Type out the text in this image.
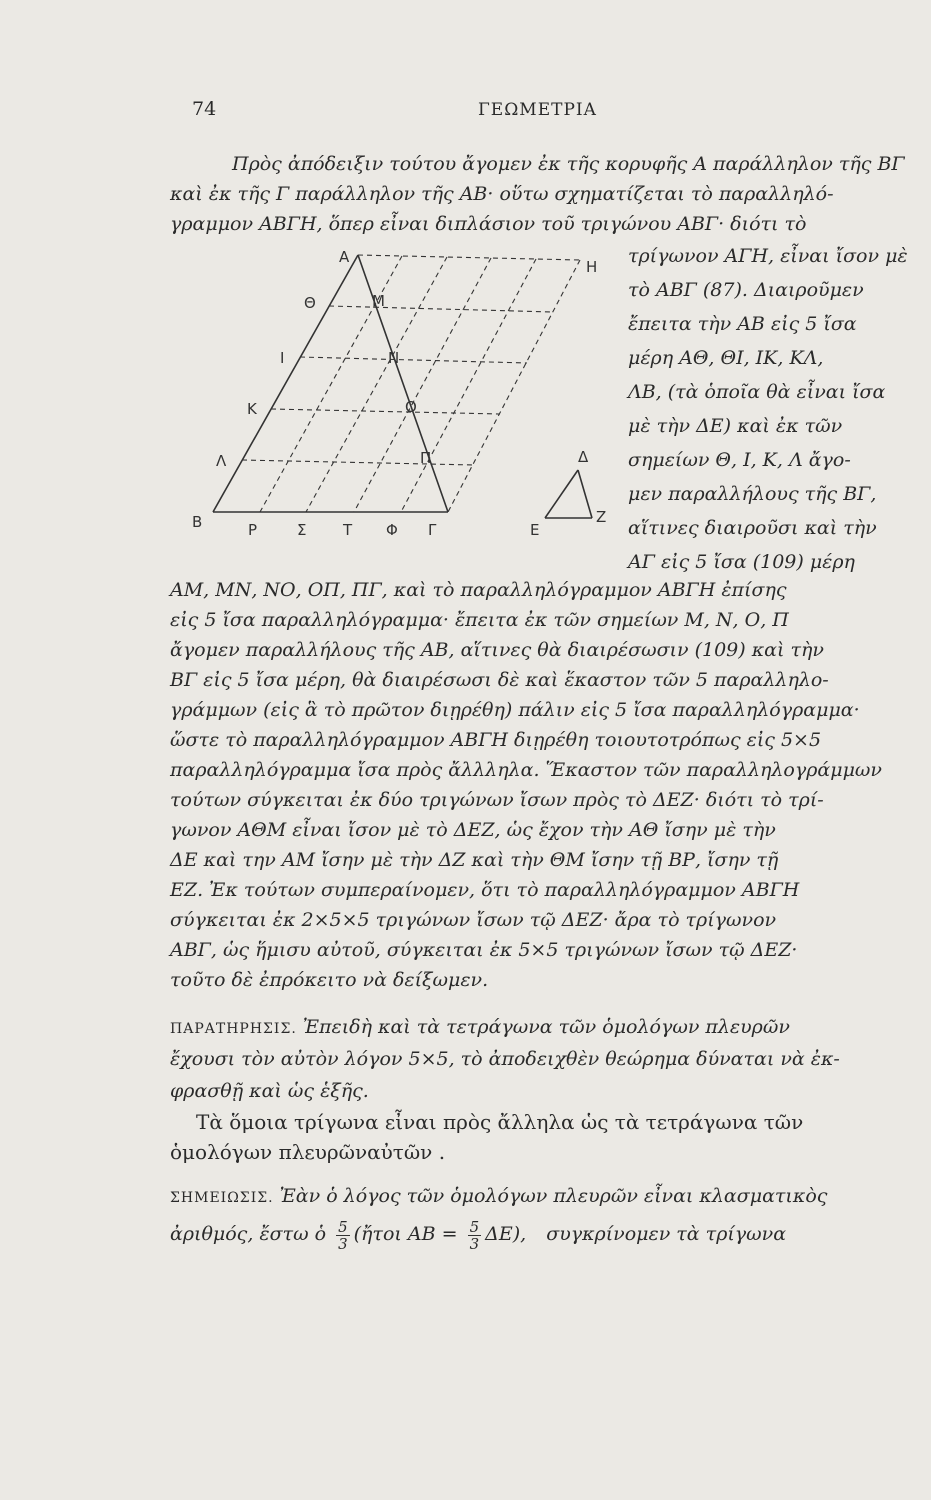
74	ΓΕΩΜΕΤΡΙΑ
Πρὸς ἀπόδειξιν τούτου ἄγομεν ἐκ τῆς κορυφῆς Α παράλληλον τῆς ΒΓ
καὶ ἐκ τῆς Γ παράλληλον τῆς ΑΒ· οὕτω σχηματίζεται τὸ παραλληλό-
γραμμον ΑΒΓΗ, ὅπερ εἶναι διπλάσιον τοῦ τριγώνου ΑΒΓ· διότι τὸ
τρίγωνον ΑΓΗ, εἶναι ἴσον μὲ
τὸ ΑΒΓ (87). Διαιροῦμεν
ἔπειτα τὴν ΑΒ εἰς 5 ἴσα
μέρη ΑΘ, ΘΙ, ΙΚ, ΚΛ,
ΛΒ, (τὰ ὁποῖα θὰ εἶναι ἴσα
μὲ τὴν ΔΕ) καὶ ἐκ τῶν
σημείων Θ, Ι, Κ, Λ ἄγο-
μεν παραλλήλους τῆς ΒΓ,
αἵτινες διαιροῦσι καὶ τὴν
ΑΓ εἰς 5 ἴσα (109) μέρη
Α
Η
Θ	Μ
Ι	Ν
Κ	Ο
Λ	Π
Β	Ρ	Σ Τ Φ Γ
Δ
Ε
Ζ
ΑΜ, ΜΝ, ΝΟ, ΟΠ, ΠΓ, καὶ τὸ παραλληλόγραμμον ΑΒΓΗ ἐπίσης
εἰς 5 ἴσα παραλληλόγραμμα· ἔπειτα ἐκ τῶν σημείων Μ, Ν, Ο, Π
ἄγομεν παραλλήλους τῆς ΑΒ, αἵτινες θὰ διαιρέσωσιν (109) καὶ τὴν
ΒΓ εἰς 5 ἴσα μέρη, θὰ διαιρέσωσι δὲ καὶ ἕκαστον τῶν 5 παραλληλο-
γράμμων (εἰς ἃ τὸ πρῶτον διῃρέθη) πάλιν εἰς 5 ἴσα παραλληλόγραμμα·
ὥστε τὸ παραλληλόγραμμον ΑΒΓΗ διῃρέθη τοιουτοτρόπως εἰς 5×5
παραλληλόγραμμα ἴσα πρὸς ἄλλληλα. Ἕκαστον τῶν παραλληλογράμμων
τούτων σύγκειται ἐκ δύο τριγώνων ἴσων πρὸς τὸ ΔΕΖ· διότι τὸ τρί-
γωνον ΑΘΜ εἶναι ἴσον μὲ τὸ ΔΕΖ, ὡς ἔχον τὴν ΑΘ ἴσην μὲ τὴν
ΔΕ καὶ την ΑΜ ἴσην μὲ τὴν ΔΖ καὶ τὴν ΘΜ ἴσην τῇ ΒΡ, ἴσην τῇ
ΕΖ. Ἐκ τούτων συμπεραίνομεν, ὅτι τὸ παραλληλόγραμμον ΑΒΓΗ
σύγκειται ἐκ 2×5×5 τριγώνων ἴσων τῷ ΔΕΖ· ἄρα τὸ τρίγωνον
ΑΒΓ, ὡς ἥμισυ αὐτοῦ, σύγκειται ἐκ 5×5 τριγώνων ἴσων τῷ ΔΕΖ·
τοῦτο δὲ ἐπρόκειτο νὰ δείξωμεν.
ΠΑΡΑΤΗΡΗΣΙΣ. Ἐπειδὴ καὶ τὰ τετράγωνα τῶν ὁμολόγων πλευρῶν
ἔχουσι τὸν αὐτὸν λόγον 5×5, τὸ ἀποδειχθὲν θεώρημα δύναται νὰ ἐκ-
φρασθῇ καὶ ὡς ἑξῆς.
Τὰ ὅμοια τρίγωνα εἶναι πρὸς ἄλληλα ὡς τὰ τετράγωνα τῶν
ὁμολόγων πλευρῶναὐτῶν .
ΣΗΜΕΙΩΣΙΣ. Ἐὰν ὁ λόγος τῶν ὁμολόγων πλευρῶν εἶναι κλασματικὸς
ἀριθμός, ἔστω ὁ $\frac{5}{3}$ (ἤτοι $AB = \frac{5}{3} \Delta E$), συγκρίνομεν τὰ τρίγωνα
